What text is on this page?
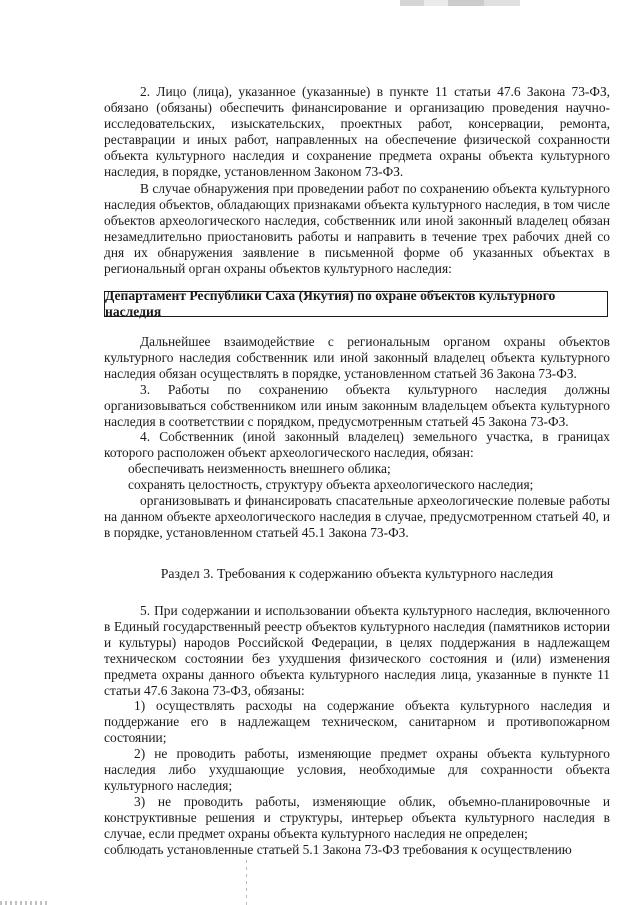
2. Лицо (лица), указанное (указанные) в пункте 11 статьи 47.6 Закона 73-ФЗ, обязано (обязаны) обеспечить финансирование и организацию проведения научно-исследовательских, изыскательских, проектных работ, консервации, ремонта, реставрации и иных работ, направленных на обеспечение физической сохранности объекта культурного наследия и сохранение предмета охраны объекта культурного наследия, в порядке, установленном Законом 73-ФЗ.

В случае обнаружения при проведении работ по сохранению объекта культурного наследия объектов, обладающих признаками объекта культурного наследия, в том числе объектов археологического наследия, собственник или иной законный владелец обязан незамедлительно приостановить работы и направить в течение трех рабочих дней со дня их обнаружения заявление в письменной форме об указанных объектах в региональный орган охраны объектов культурного наследия:

Департамент Республики Саха (Якутия) по охране объектов культурного наследия

Дальнейшее взаимодействие с региональным органом охраны объектов культурного наследия собственник или иной законный владелец объекта культурного наследия обязан осуществлять в порядке, установленном статьей 36 Закона 73-ФЗ.

3. Работы по сохранению объекта культурного наследия должны организовываться собственником или иным законным владельцем объекта культурного наследия в соответствии с порядком, предусмотренным статьей 45 Закона 73-ФЗ.

4. Собственник (иной законный владелец) земельного участка, в границах которого расположен объект археологического наследия, обязан:

обеспечивать неизменность внешнего облика;

сохранять целостность, структуру объекта археологического наследия;

организовывать и финансировать спасательные археологические полевые работы на данном объекте археологического наследия в случае, предусмотренном статьей 40, и в порядке, установленном статьей 45.1 Закона 73-ФЗ.

Раздел 3. Требования к содержанию объекта культурного наследия

5. При содержании и использовании объекта культурного наследия, включенного в Единый государственный реестр объектов культурного наследия (памятников истории и культуры) народов Российской Федерации, в целях поддержания в надлежащем техническом состоянии без ухудшения физического состояния и (или) изменения предмета охраны данного объекта культурного наследия лица, указанные в пункте 11 статьи 47.6 Закона 73-ФЗ, обязаны:

1) осуществлять расходы на содержание объекта культурного наследия и поддержание его в надлежащем техническом, санитарном и противопожарном состоянии;

2) не проводить работы, изменяющие предмет охраны объекта культурного наследия либо ухудшающие условия, необходимые для сохранности объекта культурного наследия;

3) не проводить работы, изменяющие облик, объемно-планировочные и конструктивные решения и структуры, интерьер объекта культурного наследия в случае, если предмет охраны объекта культурного наследия не определен;

соблюдать установленные статьей 5.1 Закона 73-ФЗ требования к осуществлению
